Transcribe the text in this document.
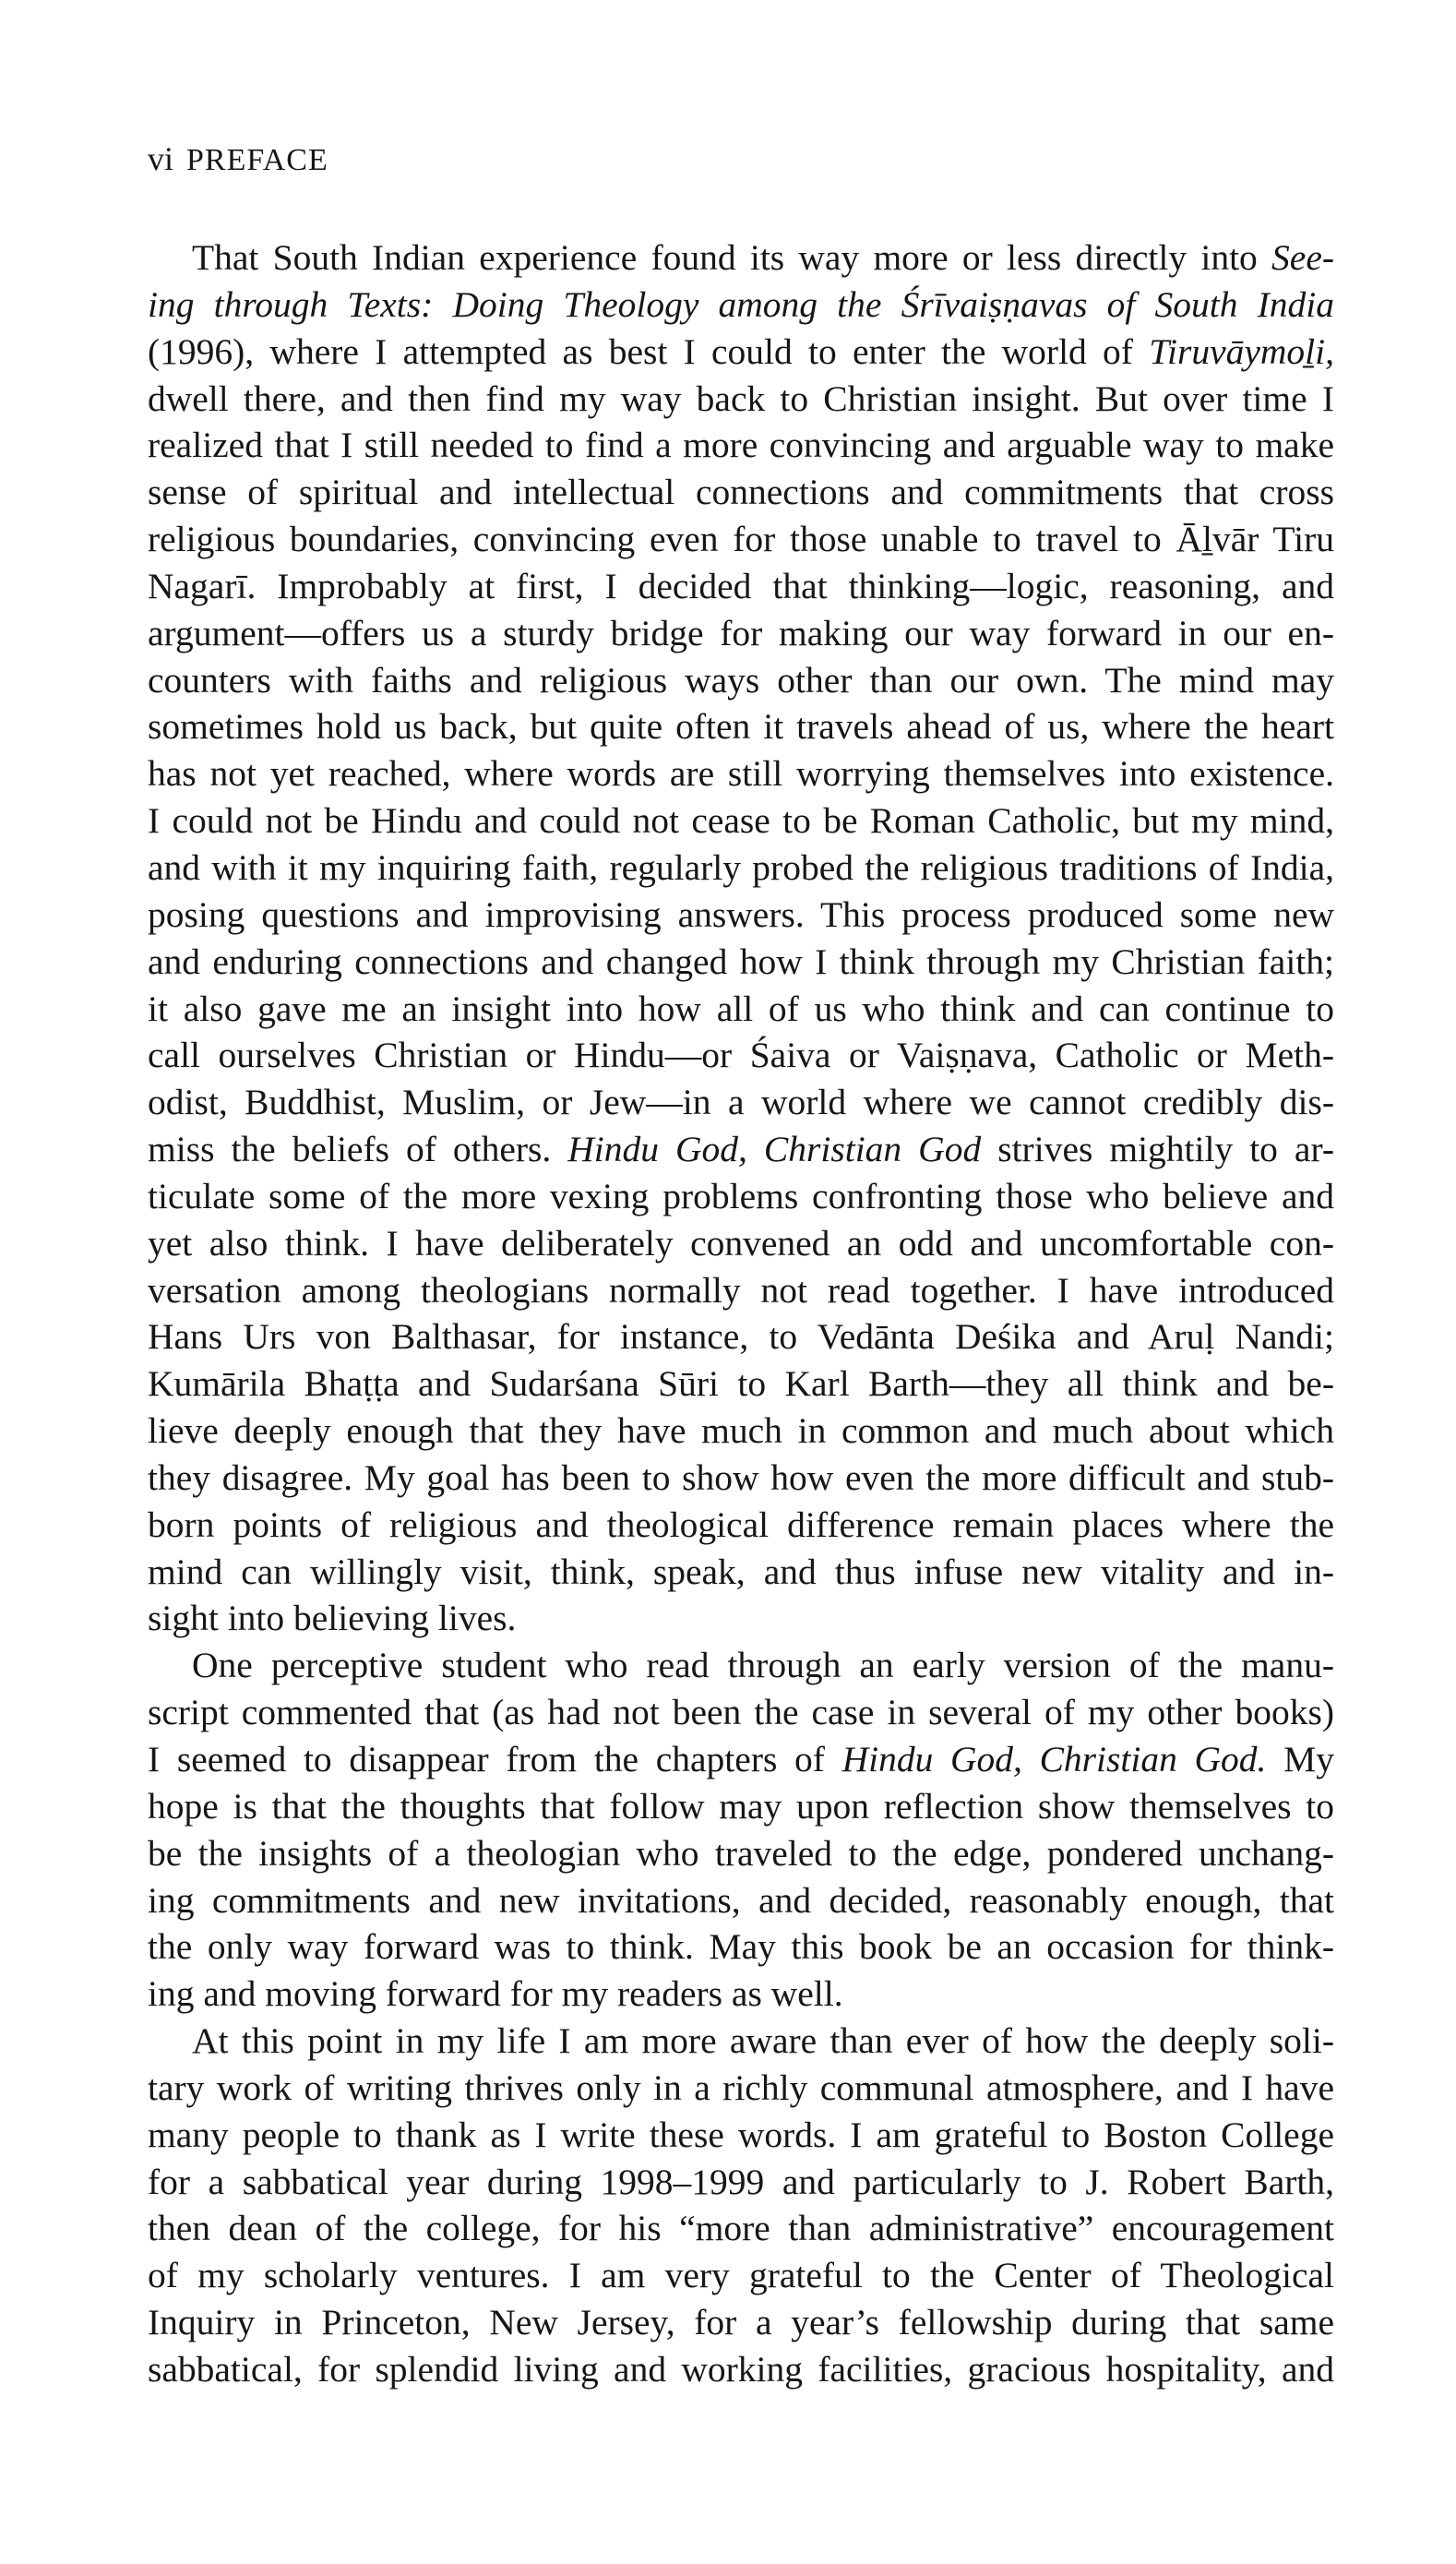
vi PREFACE
That South Indian experience found its way more or less directly into See-
ing through Texts: Doing Theology among the Śrīvaiṣṇavas of South India
(1996), where I attempted as best I could to enter the world of Tiruvāymoḻi,
dwell there, and then find my way back to Christian insight. But over time I
realized that I still needed to find a more convincing and arguable way to make
sense of spiritual and intellectual connections and commitments that cross
religious boundaries, convincing even for those unable to travel to Āḻvār Tiru
Nagarī. Improbably at first, I decided that thinking—logic, reasoning, and
argument—offers us a sturdy bridge for making our way forward in our en-
counters with faiths and religious ways other than our own. The mind may
sometimes hold us back, but quite often it travels ahead of us, where the heart
has not yet reached, where words are still worrying themselves into existence.
I could not be Hindu and could not cease to be Roman Catholic, but my mind,
and with it my inquiring faith, regularly probed the religious traditions of India,
posing questions and improvising answers. This process produced some new
and enduring connections and changed how I think through my Christian faith;
it also gave me an insight into how all of us who think and can continue to
call ourselves Christian or Hindu—or Śaiva or Vaiṣṇava, Catholic or Meth-
odist, Buddhist, Muslim, or Jew—in a world where we cannot credibly dis-
miss the beliefs of others. Hindu God, Christian God strives mightily to ar-
ticulate some of the more vexing problems confronting those who believe and
yet also think. I have deliberately convened an odd and uncomfortable con-
versation among theologians normally not read together. I have introduced
Hans Urs von Balthasar, for instance, to Vedānta Deśika and Aruḷ Nandi;
Kumārila Bhaṭṭa and Sudarśana Sūri to Karl Barth—they all think and be-
lieve deeply enough that they have much in common and much about which
they disagree. My goal has been to show how even the more difficult and stub-
born points of religious and theological difference remain places where the
mind can willingly visit, think, speak, and thus infuse new vitality and in-
sight into believing lives.
One perceptive student who read through an early version of the manu-
script commented that (as had not been the case in several of my other books)
I seemed to disappear from the chapters of Hindu God, Christian God. My
hope is that the thoughts that follow may upon reflection show themselves to
be the insights of a theologian who traveled to the edge, pondered unchang-
ing commitments and new invitations, and decided, reasonably enough, that
the only way forward was to think. May this book be an occasion for think-
ing and moving forward for my readers as well.
At this point in my life I am more aware than ever of how the deeply soli-
tary work of writing thrives only in a richly communal atmosphere, and I have
many people to thank as I write these words. I am grateful to Boston College
for a sabbatical year during 1998–1999 and particularly to J. Robert Barth,
then dean of the college, for his “more than administrative” encouragement
of my scholarly ventures. I am very grateful to the Center of Theological
Inquiry in Princeton, New Jersey, for a year’s fellowship during that same
sabbatical, for splendid living and working facilities, gracious hospitality, and
